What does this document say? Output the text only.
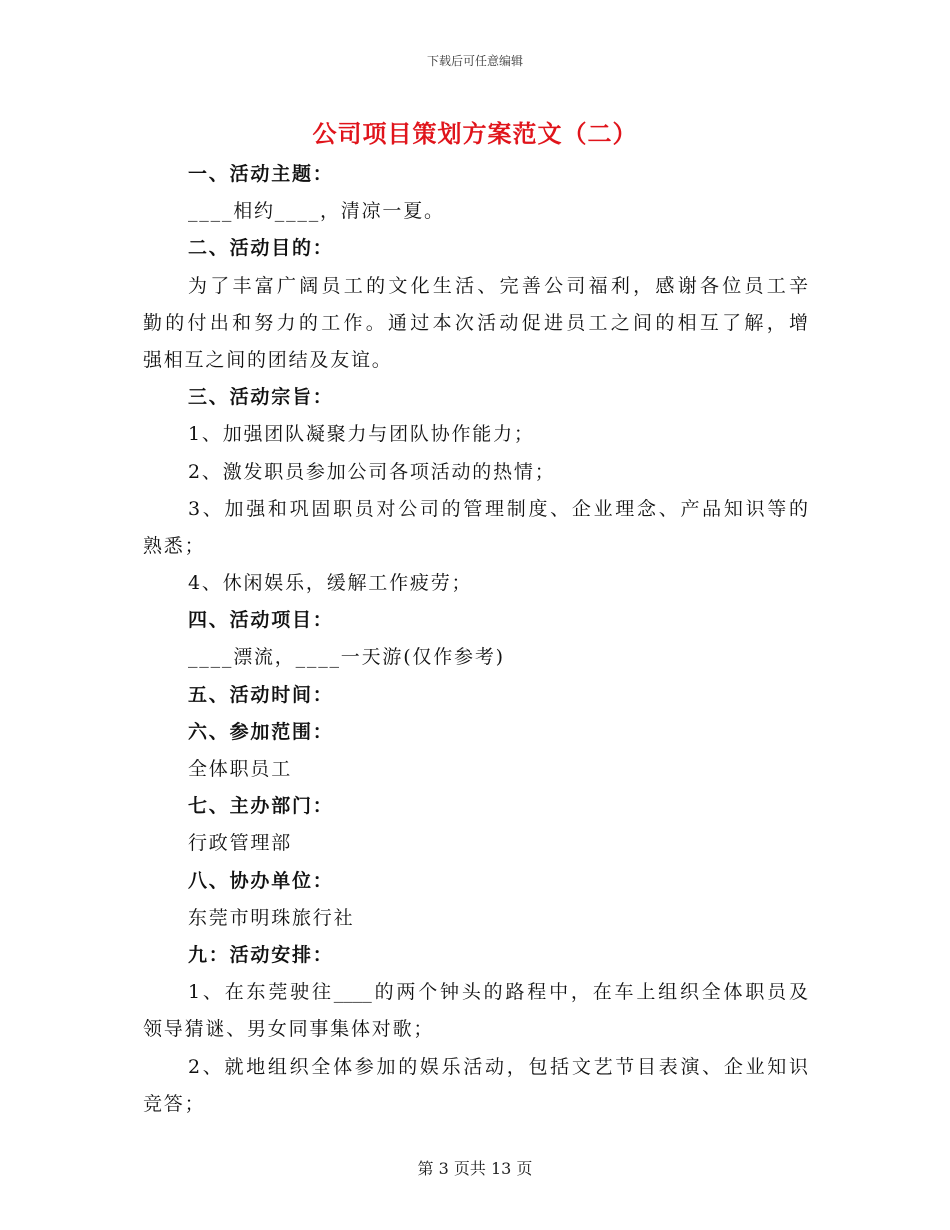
下载后可任意编辑
公司项目策划方案范文（二）
一、活动主题：
____相约____，清凉一夏。
二、活动目的：
为了丰富广阔员工的文化生活、完善公司福利，感谢各位员工辛
勤的付出和努力的工作。通过本次活动促进员工之间的相互了解，增
强相互之间的团结及友谊。
三、活动宗旨：
1、加强团队凝聚力与团队协作能力；
2、激发职员参加公司各项活动的热情；
3、加强和巩固职员对公司的管理制度、企业理念、产品知识等的
熟悉；
4、休闲娱乐，缓解工作疲劳；
四、活动项目：
____漂流，____一天游(仅作参考)
五、活动时间：
六、参加范围：
全体职员工
七、主办部门：
行政管理部
八、协办单位：
东莞市明珠旅行社
九：活动安排：
1、在东莞驶往____的两个钟头的路程中，在车上组织全体职员及
领导猜谜、男女同事集体对歌；
2、就地组织全体参加的娱乐活动，包括文艺节目表演、企业知识
竞答；
第 3 页共 13 页
